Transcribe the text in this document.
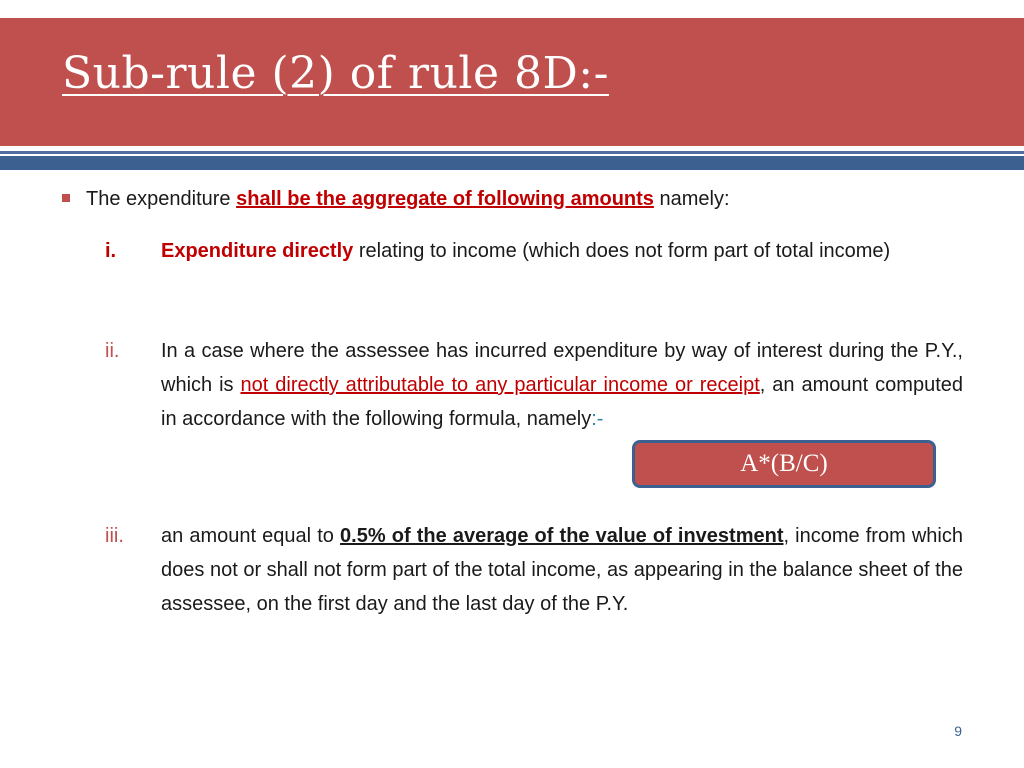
Sub-rule (2) of rule 8D:-
The expenditure shall be the aggregate of following amounts namely:
i. Expenditure directly relating to income (which does not form part of total income)
ii. In a case where the assessee has incurred expenditure by way of interest during the P.Y., which is not directly attributable to any particular income or receipt, an amount computed in accordance with the following formula, namely:-
A*(B/C)
iii. an amount equal to 0.5% of the average of the value of investment, income from which does not or shall not form part of the total income, as appearing in the balance sheet of the assessee, on the first day and the last day of the P.Y.
9
